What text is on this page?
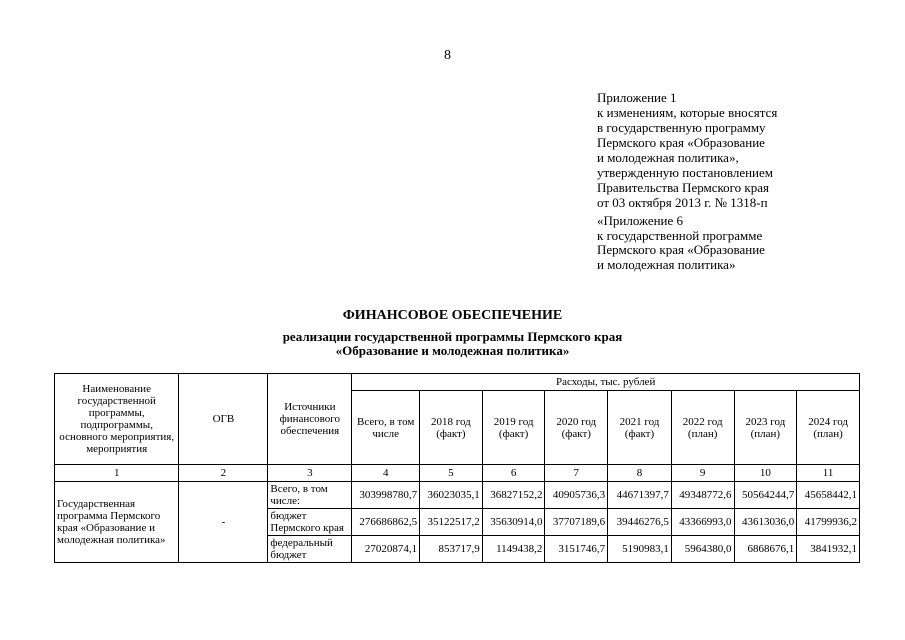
8
Приложение 1
к изменениям, которые вносятся
в государственную программу
Пермского края «Образование
и молодежная политика»,
утвержденную постановлением
Правительства Пермского края
от 03 октября 2013 г. № 1318-п
«Приложение 6
к государственной программе
Пермского края «Образование
и молодежная политика»
ФИНАНСОВОЕ ОБЕСПЕЧЕНИЕ
реализации государственной программы Пермского края
«Образование и молодежная политика»
Наименование государственной программы, подпрограммы, основного мероприятия, мероприятия	ОГВ	Источники финансового обеспечения	Расходы, тыс. рублей							
			Всего, в том числе	2018 год (факт)	2019 год (факт)	2020 год (факт)	2021 год (факт)	2022 год (план)	2023 год (план)	2024 год (план)
1	2	3	4	5	6	7	8	9	10	11
Государственная программа Пермского края «Образование и молодежная политика»	-	Всего, в том числе:	303998780,7	36023035,1	36827152,2	40905736,3	44671397,7	49348772,6	50564244,7	45658442,1
		бюджет Пермского края	276686862,5	35122517,2	35630914,0	37707189,6	39446276,5	43366993,0	43613036,0	41799936,2
		федеральный бюджет	27020874,1	853717,9	1149438,2	3151746,7	5190983,1	5964380,0	6868676,1	3841932,1
